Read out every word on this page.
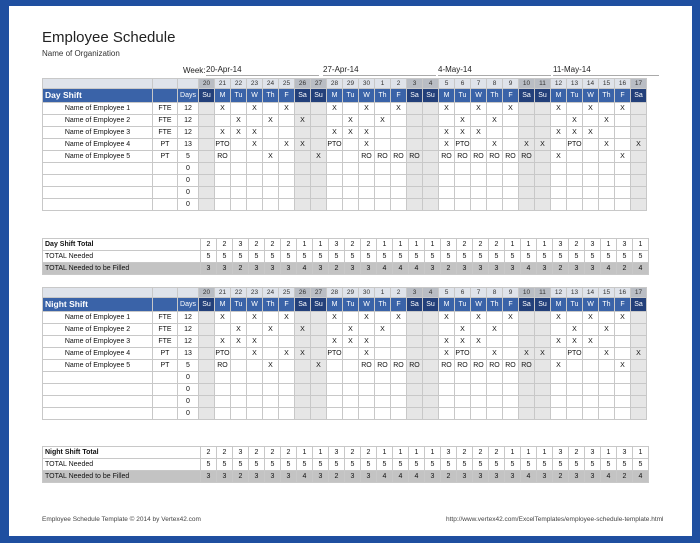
Employee Schedule
Name of Organization
Week: 20-Apr-14	27-Apr-14	4-May-14	11-May-14
			20	21	22	23	24	25	26	27	28	29	30	1	2	3	4	5	6	7	8	9	10	11	12	13	14	15	16	17
Day Shift		Days	Su	M	Tu	W	Th	F	Sa	Su	M	Tu	W	Th	F	Sa	Su	M	Tu	W	Th	F	Sa	Su	M	Tu	W	Th	F	Sa
Name of Employee 1	FTE	12		X		X		X			X		X		X			X		X		X			X		X		X	
Name of Employee 2	FTE	12			X		X		X			X		X					X		X					X		X		
Name of Employee 3	FTE	12		X	X	X					X	X	X					X	X	X					X	X	X			
Name of Employee 4	PT	13		PTO		X		X	X		PTO		X					X	PTO		X		X	X		PTO		X		X
Name of Employee 5	PT	5		RO			X			X			RO	RO	RO	RO		RO	RO	RO	RO	RO	RO		X				X	
		0																												
		0																												
		0																												
		0																												
Day Shift Total	2	2	3	2	2	2	1	1	3	2	2	1	1	1	1	3	2	2	2	1	1	1	3	2	3	1	3	1
TOTAL Needed	5	5	5	5	5	5	5	5	5	5	5	5	5	5	5	5	5	5	5	5	5	5	5	5	5	5	5	5
TOTAL Needed to be Filled	3	3	2	3	3	3	4	3	2	3	3	4	4	4	3	2	3	3	3	3	4	3	2	3	3	4	2	4
			20	21	22	23	24	25	26	27	28	29	30	1	2	3	4	5	6	7	8	9	10	11	12	13	14	15	16	17
Night Shift		Days	Su	M	Tu	W	Th	F	Sa	Su	M	Tu	W	Th	F	Sa	Su	M	Tu	W	Th	F	Sa	Su	M	Tu	W	Th	F	Sa
Name of Employee 1	FTE	12		X		X		X			X		X		X			X		X		X			X		X		X	
Name of Employee 2	FTE	12			X		X		X			X		X					X		X					X		X		
Name of Employee 3	FTE	12		X	X	X					X	X	X					X	X	X					X	X	X			
Name of Employee 4	PT	13		PTO		X		X	X		PTO		X					X	PTO		X		X	X		PTO		X		X
Name of Employee 5	PT	5		RO			X			X			RO	RO	RO	RO		RO	RO	RO	RO	RO	RO		X				X	
		0																												
		0																												
		0																												
		0																												
Night Shift Total	2	2	3	2	2	2	1	1	3	2	2	1	1	1	1	3	2	2	2	1	1	1	3	2	3	1	3	1
TOTAL Needed	5	5	5	5	5	5	5	5	5	5	5	5	5	5	5	5	5	5	5	5	5	5	5	5	5	5	5	5
TOTAL Needed to be Filled	3	3	2	3	3	3	4	3	2	3	3	4	4	4	3	2	3	3	3	3	4	3	2	3	3	4	2	4
Employee Schedule Template © 2014 by Vertex42.com	http://www.vertex42.com/ExcelTemplates/employee-schedule-template.html
